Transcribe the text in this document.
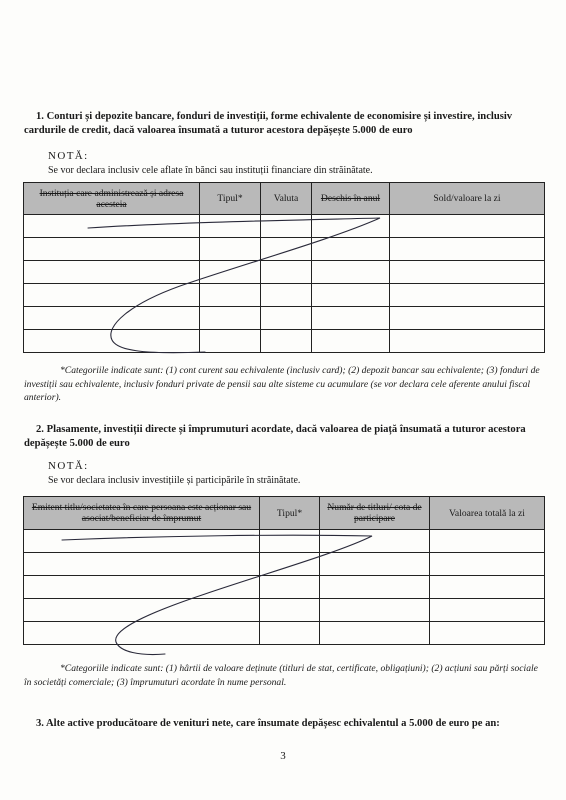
1. Conturi și depozite bancare, fonduri de investiții, forme echivalente de economisire și investire, inclusiv cardurile de credit, dacă valoarea însumată a tuturor acestora depășește 5.000 de euro
NOTĂ:
Se vor declara inclusiv cele aflate în bănci sau instituții financiare din străinătate.
Instituția care administrează și adresa acesteia	Tipul*	Valuta	Deschis în anul	Sold/valoare la zi

*Categoriile indicate sunt: (1) cont curent sau echivalente (inclusiv card); (2) depozit bancar sau echivalente; (3) fonduri de investiții sau echivalente, inclusiv fonduri private de pensii sau alte sisteme cu acumulare (se vor declara cele aferente anului fiscal anterior).
2. Plasamente, investiții directe și împrumuturi acordate, dacă valoarea de piață însumată a tuturor acestora depășește 5.000 de euro
NOTĂ:
Se vor declara inclusiv investițiile și participările în străinătate.
Emitent titlu/societatea în care persoana este acționar sau asociat/beneficiar de împrumut	Tipul*	Număr de titluri/ cota de participare	Valoarea totală la zi

*Categoriile indicate sunt: (1) hârtii de valoare deținute (titluri de stat, certificate, obligațiuni); (2) acțiuni sau părți sociale în societăți comerciale; (3) împrumuturi acordate în nume personal.
3. Alte active producătoare de venituri nete, care însumate depășesc echivalentul a 5.000 de euro pe an:
3
